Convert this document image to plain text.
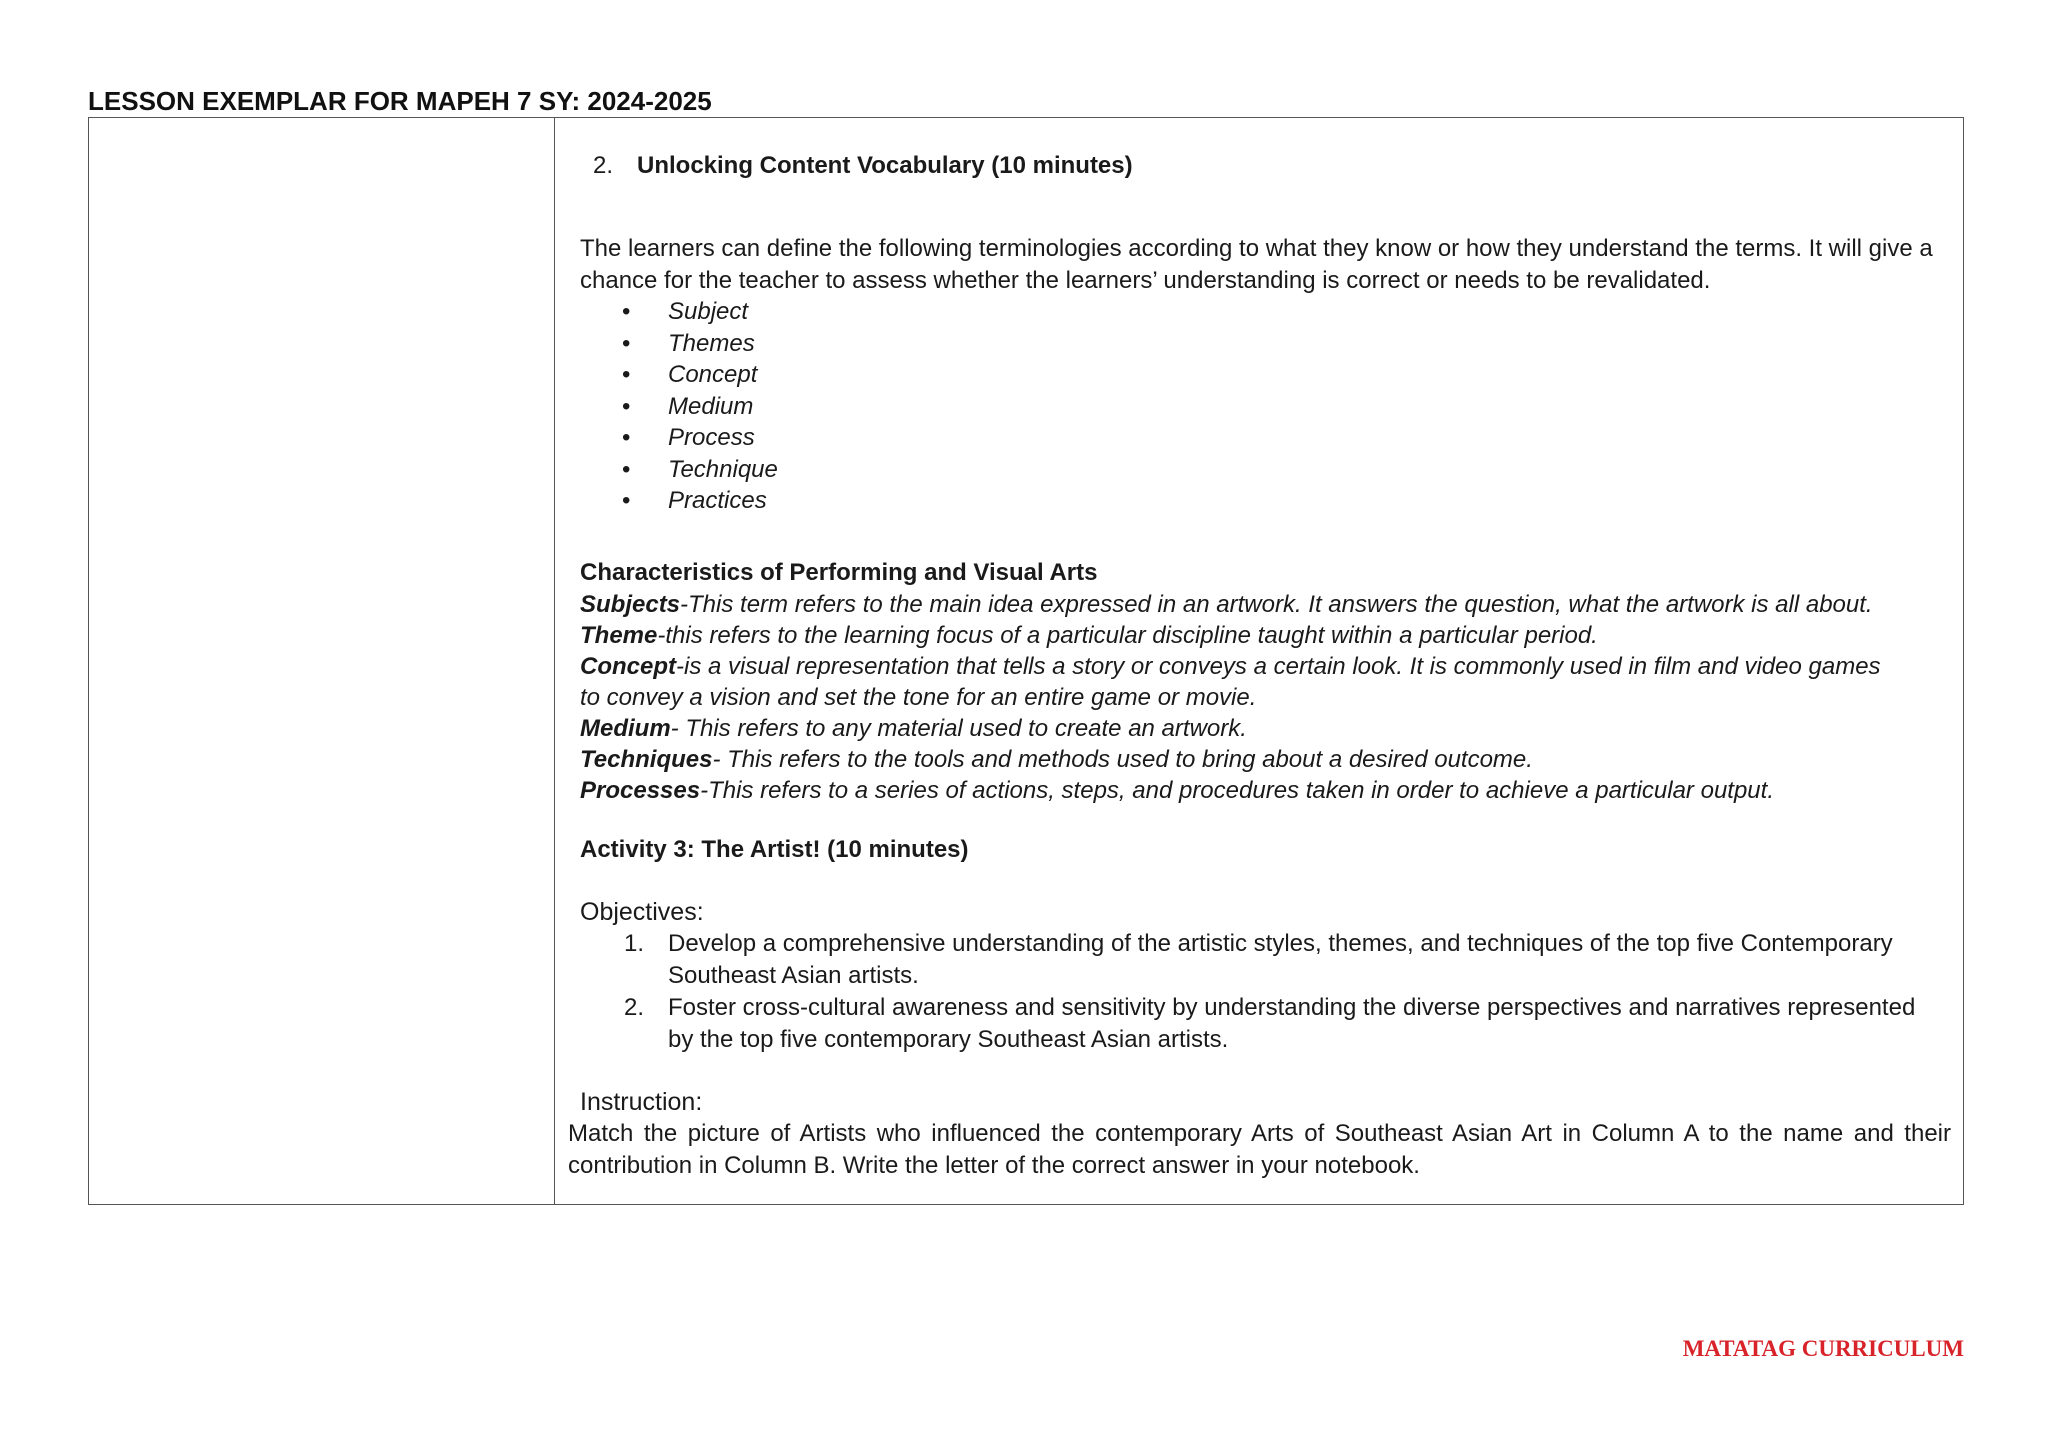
LESSON EXEMPLAR FOR MAPEH 7 SY: 2024-2025
2. Unlocking Content Vocabulary (10 minutes)
The learners can define the following terminologies according to what they know or how they understand the terms. It will give a chance for the teacher to assess whether the learners’ understanding is correct or needs to be revalidated.
• Subject
• Themes
• Concept
• Medium
• Process
• Technique
• Practices
Characteristics of Performing and Visual Arts
Subjects-This term refers to the main idea expressed in an artwork. It answers the question, what the artwork is all about.
Theme-this refers to the learning focus of a particular discipline taught within a particular period.
Concept-is a visual representation that tells a story or conveys a certain look. It is commonly used in film and video games
to convey a vision and set the tone for an entire game or movie.
Medium- This refers to any material used to create an artwork.
Techniques- This refers to the tools and methods used to bring about a desired outcome.
Processes-This refers to a series of actions, steps, and procedures taken in order to achieve a particular output.
Activity 3: The Artist! (10 minutes)
Objectives:
1. Develop a comprehensive understanding of the artistic styles, themes, and techniques of the top five Contemporary Southeast Asian artists.
2. Foster cross-cultural awareness and sensitivity by understanding the diverse perspectives and narratives represented by the top five contemporary Southeast Asian artists.
Instruction:
Match the picture of Artists who influenced the contemporary Arts of Southeast Asian Art in Column A to the name and their contribution in Column B. Write the letter of the correct answer in your notebook.
MATATAG CURRICULUM
